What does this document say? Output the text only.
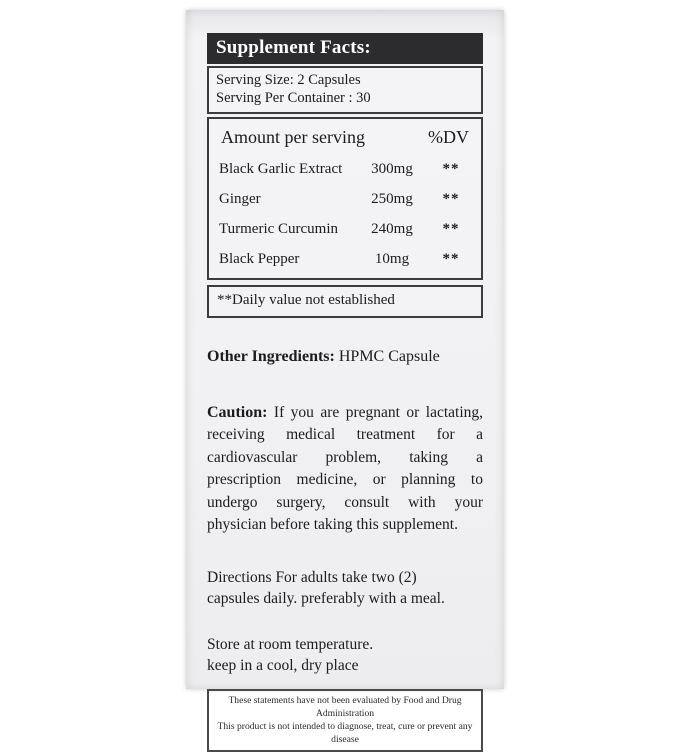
Supplement Facts:
Serving Size: 2 Capsules
Serving Per Container : 30
Amount per serving	%DV
Black Garlic Extract	300mg	**
Ginger	250mg	**
Turmeric Curcumin	240mg	**
Black Pepper	10mg	**
**Daily value not established
Other Ingredients: HPMC Capsule
Caution: If you are pregnant or lactating, receiving medical treatment for a cardiovascular problem, taking a prescription medicine, or planning to undergo surgery, consult with your physician before taking this supplement.
Directions For adults take two (2)
capsules daily. preferably with a meal.
Store at room temperature.
keep in a cool, dry place
These statements have not been evaluated by Food and Drug Administration
This product is not intended to diagnose, treat, cure or prevent any disease
